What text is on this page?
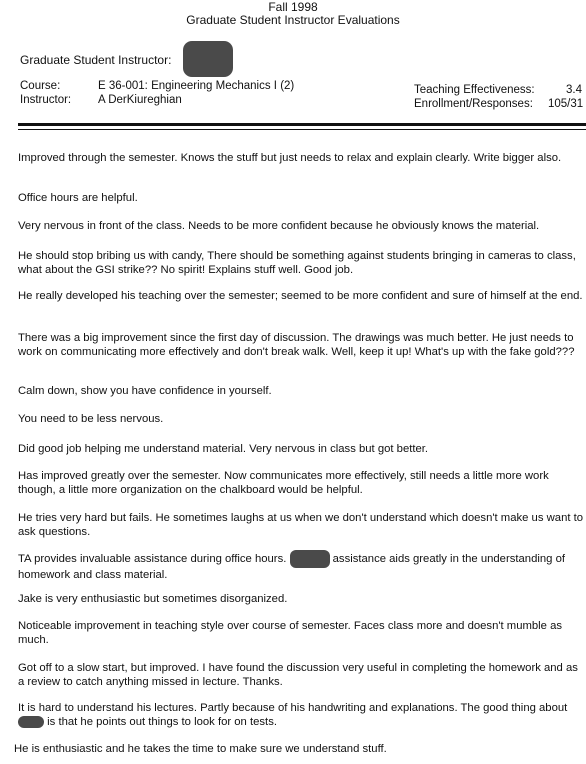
Fall 1998
Graduate Student Instructor Evaluations
Graduate Student Instructor:
Course:	E 36-001: Engineering Mechanics I (2)
Instructor: A DerKiureghian
Teaching Effectiveness:	3.4
Enrollment/Responses: 105/31
Improved through the semester. Knows the stuff but just needs to relax and explain clearly. Write bigger also.
Office hours are helpful.
Very nervous in front of the class. Needs to be more confident because he obviously knows the material.
He should stop bribing us with candy, There should be something against students bringing in cameras to class, what about the GSI strike?? No spirit! Explains stuff well. Good job.
He really developed his teaching over the semester; seemed to be more confident and sure of himself at the end.
There was a big improvement since the first day of discussion. The drawings was much better. He just needs to work on communicating more effectively and don't break walk. Well, keep it up! What's up with the fake gold???
Calm down, show you have confidence in yourself.
You need to be less nervous.
Did good job helping me understand material. Very nervous in class but got better.
Has improved greatly over the semester. Now communicates more effectively, still needs a little more work though, a little more organization on the chalkboard would be helpful.
He tries very hard but fails. He sometimes laughs at us when we don't understand which doesn't make us want to ask questions.
TA provides invaluable assistance during office hours.	assistance aids greatly in the understanding of homework and class material.
Jake is very enthusiastic but sometimes disorganized.
Noticeable improvement in teaching style over course of semester. Faces class more and doesn't mumble as much.
Got off to a slow start, but improved. I have found the discussion very useful in completing the homework and as a review to catch anything missed in lecture. Thanks.
It is hard to understand his lectures. Partly because of his handwriting and explanations. The good thing about  is that he points out things to look for on tests.
He is enthusiastic and he takes the time to make sure we understand stuff.
